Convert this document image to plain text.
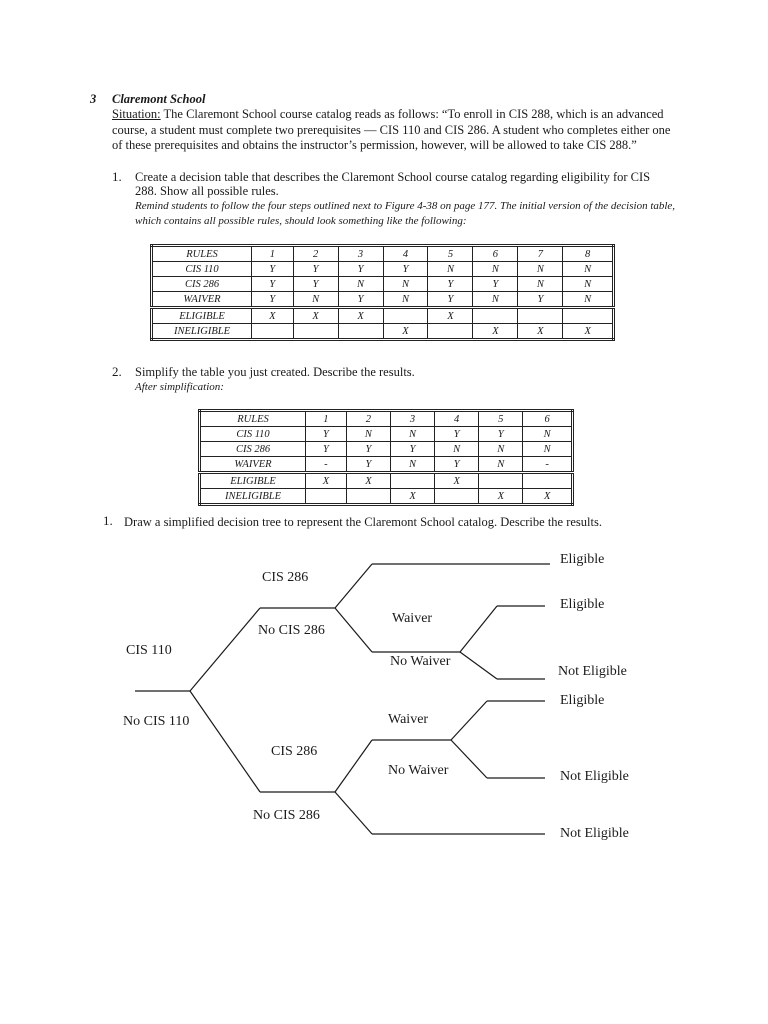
3 Claremont School
Situation: The Claremont School course catalog reads as follows: “To enroll in CIS 288, which is an advanced course, a student must complete two prerequisites — CIS 110 and CIS 286. A student who completes either one of these prerequisites and obtains the instructor’s permission, however, will be allowed to take CIS 288.”
1. Create a decision table that describes the Claremont School course catalog regarding eligibility for CIS 288. Show all possible rules.
Remind students to follow the four steps outlined next to Figure 4-38 on page 177. The initial version of the decision table, which contains all possible rules, should look something like the following:
RULES	1	2	3	4	5	6	7	8
CIS 110	Y	Y	Y	Y	N	N	N	N
CIS 286	Y	Y	N	N	Y	Y	N	N
WAIVER	Y	N	Y	N	Y	N	Y	N
ELIGIBLE	X	X	X		X			
INELIGIBLE				X		X	X	X
2. Simplify the table you just created. Describe the results.
After simplification:
RULES	1	2	3	4	5	6
CIS 110	Y	N	N	Y	Y	N
CIS 286	Y	Y	Y	N	N	N
WAIVER	-	Y	N	Y	N	-
ELIGIBLE	X	X		X		
INELIGIBLE			X		X	X
1. Draw a simplified decision tree to represent the Claremont School catalog. Describe the results.
CIS 110
No CIS 110
CIS 286
No CIS 286
Waiver
No Waiver
Waiver
CIS 286
No Waiver
No CIS 286
Eligible
Eligible
Not Eligible
Eligible
Not Eligible
Not Eligible
